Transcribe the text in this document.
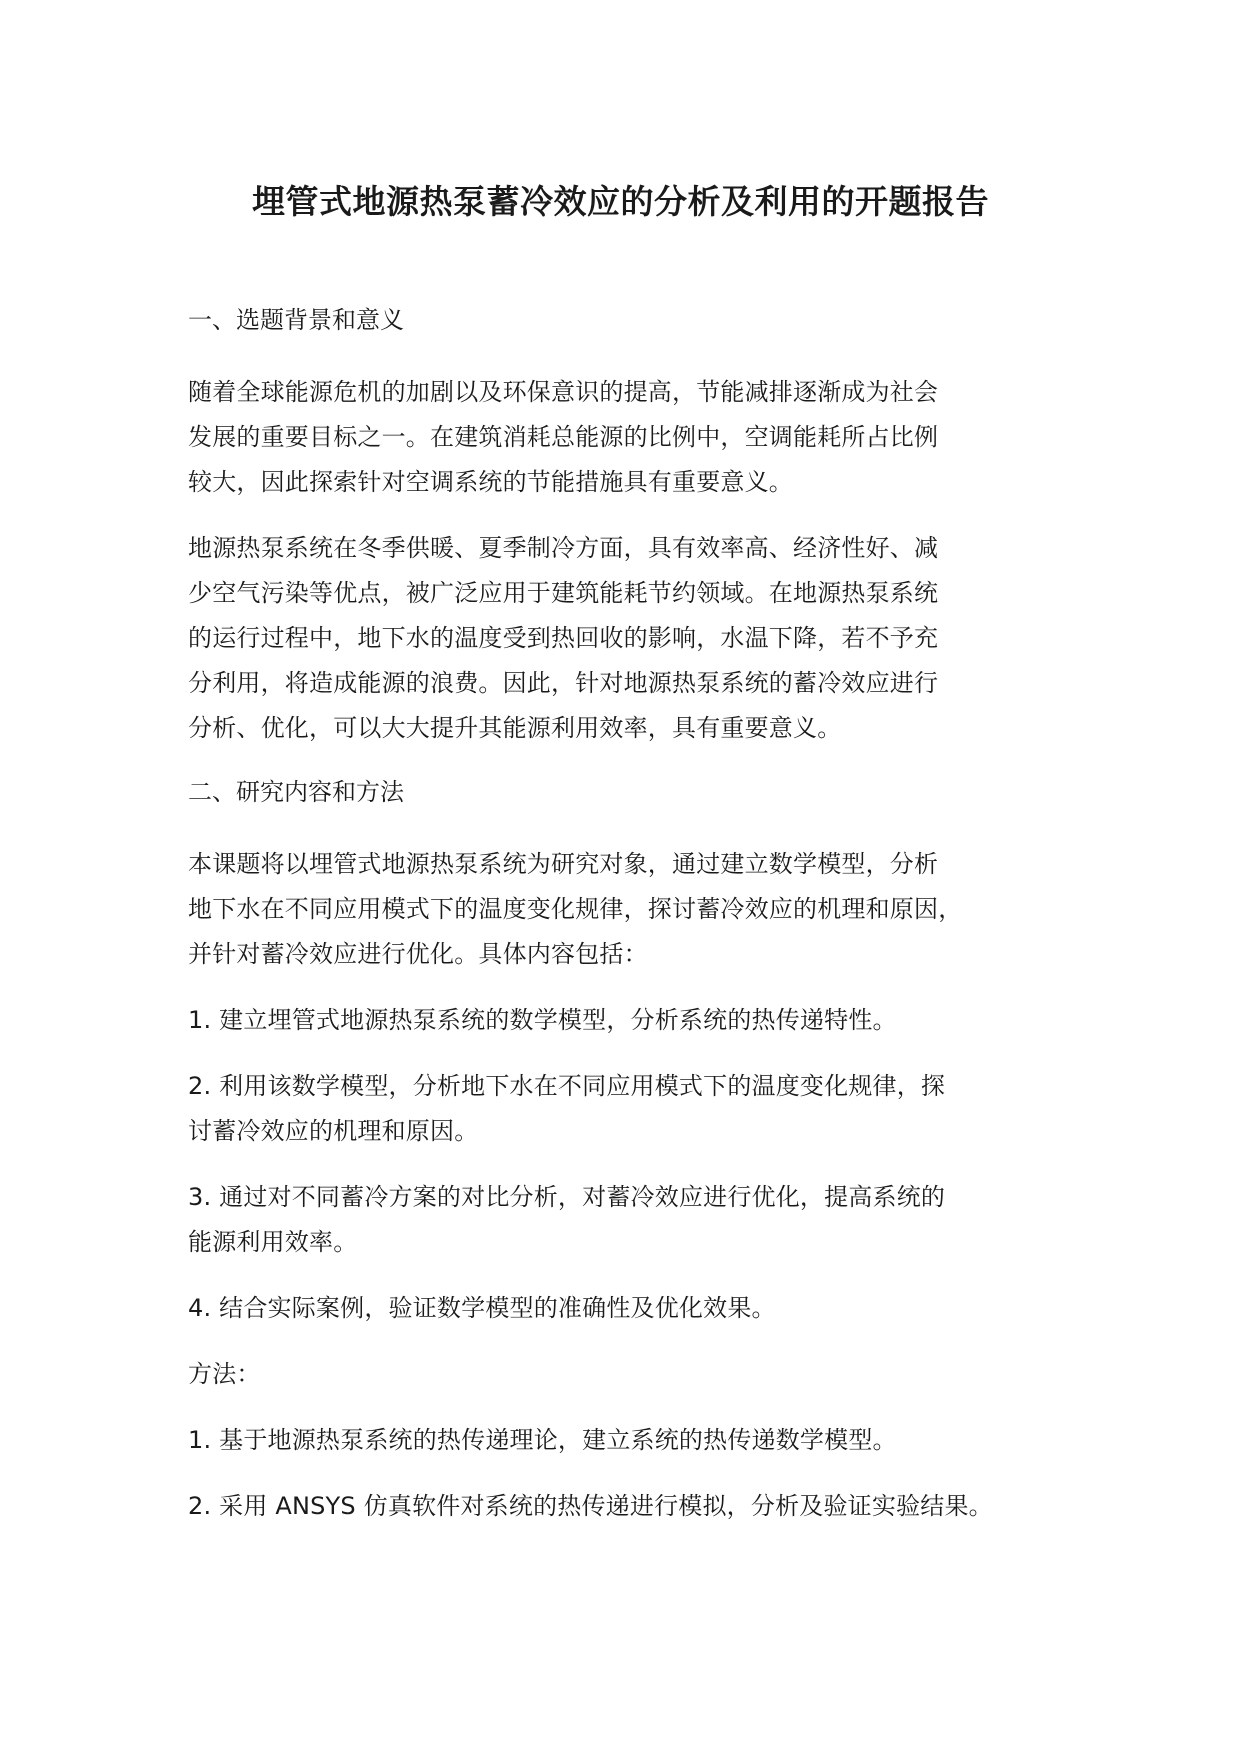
埋管式地源热泵蓄冷效应的分析及利用的开题报告
一、选题背景和意义
随着全球能源危机的加剧以及环保意识的提高，节能减排逐渐成为社会
发展的重要目标之一。在建筑消耗总能源的比例中，空调能耗所占比例
较大，因此探索针对空调系统的节能措施具有重要意义。
地源热泵系统在冬季供暖、夏季制冷方面，具有效率高、经济性好、减
少空气污染等优点，被广泛应用于建筑能耗节约领域。在地源热泵系统
的运行过程中，地下水的温度受到热回收的影响，水温下降，若不予充
分利用，将造成能源的浪费。因此，针对地源热泵系统的蓄冷效应进行
分析、优化，可以大大提升其能源利用效率，具有重要意义。
二、研究内容和方法
本课题将以埋管式地源热泵系统为研究对象，通过建立数学模型，分析
地下水在不同应用模式下的温度变化规律，探讨蓄冷效应的机理和原因，
并针对蓄冷效应进行优化。具体内容包括：
1. 建立埋管式地源热泵系统的数学模型，分析系统的热传递特性。
2. 利用该数学模型，分析地下水在不同应用模式下的温度变化规律，探
讨蓄冷效应的机理和原因。
3. 通过对不同蓄冷方案的对比分析，对蓄冷效应进行优化，提高系统的
能源利用效率。
4. 结合实际案例，验证数学模型的准确性及优化效果。
方法：
1. 基于地源热泵系统的热传递理论，建立系统的热传递数学模型。
2. 采用 ANSYS 仿真软件对系统的热传递进行模拟，分析及验证实验结果。
